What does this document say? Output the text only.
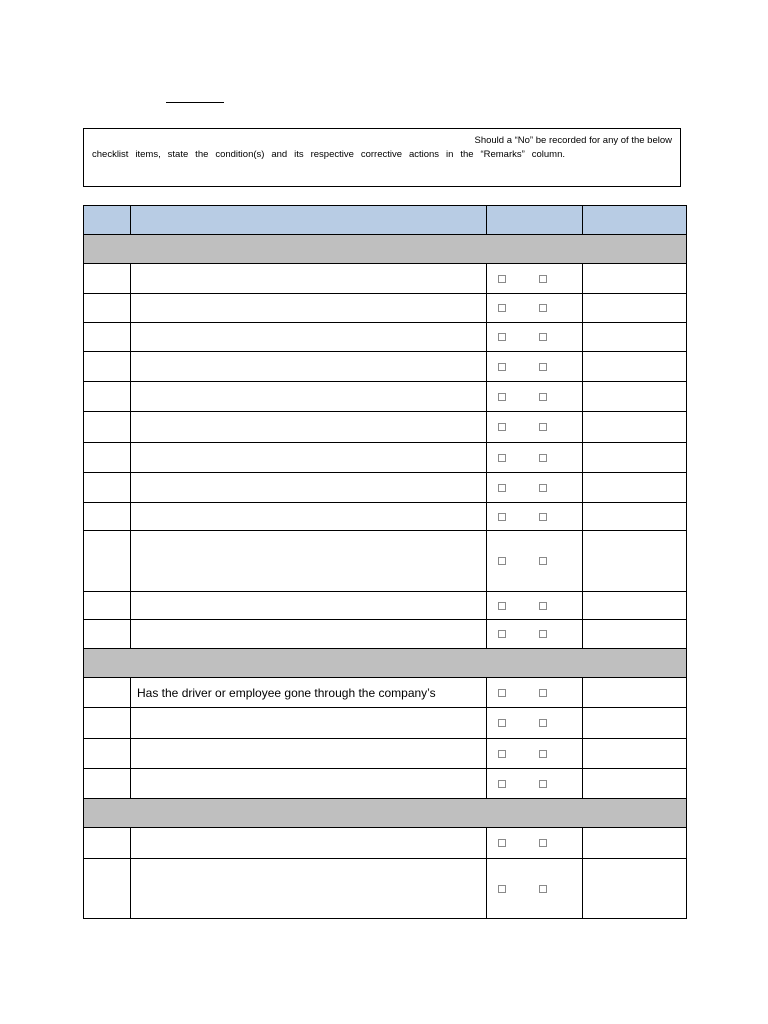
Should a “No” be recorded for any of the below
checklist items, state the condition(s) and its respective corrective actions in the “Remarks” column.

	Has the driver or employee gone through the company’s		
